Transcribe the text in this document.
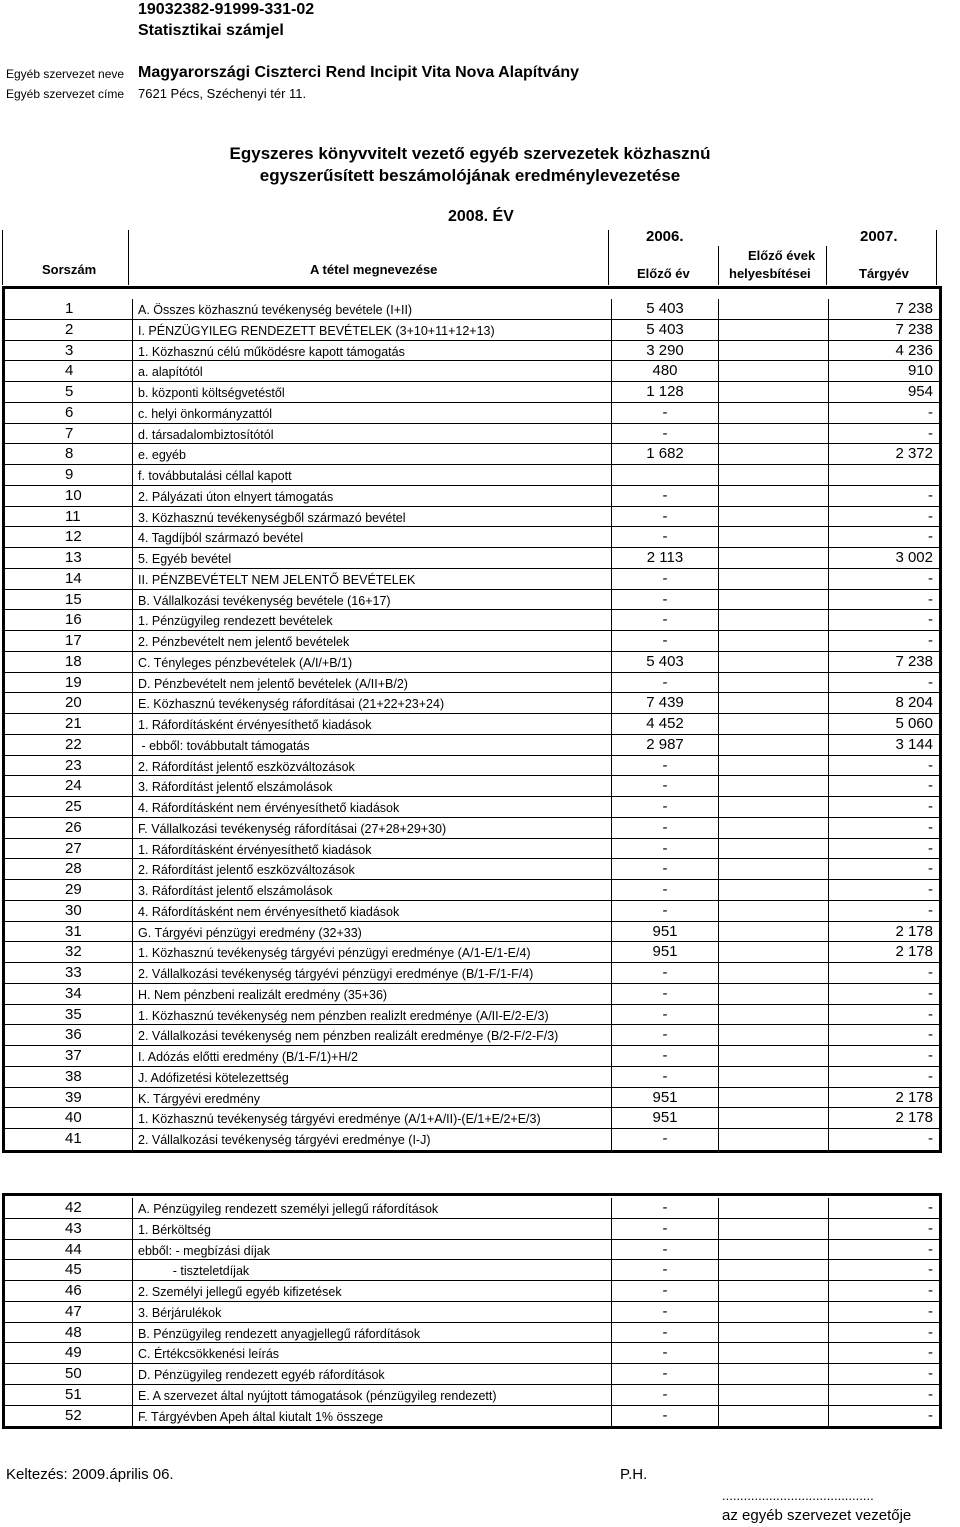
19032382-91999-331-02
Statisztikai számjel
Egyéb szervezet neve
Egyéb szervezet címe
Magyarországi Ciszterci Rend Incipit Vita Nova Alapítvány
7621 Pécs, Széchenyi tér 11.
Egyszeres könyvvitelt vezető egyéb szervezetek közhasznú
egyszerűsített beszámolójának eredménylevezetése
2008. ÉV
Sorszám	A tétel megnevezése
2006.	2007.
Előző év
Előző évek
helyesbítései	Tárgyév
1	A. Összes közhasznú tevékenység bevétele (I+II)	5 403	7 238
2	I. PÉNZÜGYILEG RENDEZETT BEVÉTELEK (3+10+11+12+13)	5 403	7 238
3	1. Közhasznú célú működésre kapott támogatás	3 290	4 236
4	a. alapítótól	480	910
5	b. központi költségvetéstől	1 128	954
6	c. helyi önkormányzattól	-	-
7	d. társadalombiztosítótól	-	-
8	e. egyéb	1 682	2 372
9	f. továbbutalási céllal kapott
10	2. Pályázati úton elnyert támogatás	-	-
11	3. Közhasznú tevékenységből származó bevétel	-	-
12	4. Tagdíjból származó bevétel	-	-
13	5. Egyéb bevétel	2 113	3 002
14	II. PÉNZBEVÉTELT NEM JELENTŐ BEVÉTELEK	-	-
15	B. Vállalkozási tevékenység bevétele (16+17)	-	-
16	1. Pénzügyileg rendezett bevételek	-	-
17	2. Pénzbevételt nem jelentő bevételek	-	-
18	C. Tényleges pénzbevételek (A/I/+B/1)	5 403	7 238
19	D. Pénzbevételt nem jelentő bevételek (A/II+B/2)	-	-
20	E. Közhasznú tevékenység ráfordításai (21+22+23+24)	7 439	8 204
21	1. Ráfordításként érvényesíthető kiadások	4 452	5 060
22	- ebből: továbbutalt támogatás	2 987	3 144
23	2. Ráfordítást jelentő eszközváltozások	-	-
24	3. Ráfordítást jelentő elszámolások	-	-
25	4. Ráfordításként nem érvényesíthető kiadások	-	-
26	F. Vállalkozási tevékenység ráfordításai (27+28+29+30)	-	-
27	1. Ráfordításként érvényesíthető kiadások	-	-
28	2. Ráfordítást jelentő eszközváltozások	-	-
29	3. Ráfordítást jelentő elszámolások	-	-
30	4. Ráfordításként nem érvényesíthető kiadások	-	-
31	G. Tárgyévi pénzügyi eredmény (32+33)	951	2 178
32	1. Közhasznú tevékenység tárgyévi pénzügyi eredménye (A/1-E/1-E/4)	951	2 178
33	2. Vállalkozási tevékenység tárgyévi pénzügyi eredménye (B/1-F/1-F/4)	-	-
34	H. Nem pénzbeni realizált eredmény (35+36)	-	-
35	1. Közhasznú tevékenység nem pénzben realizlt eredménye (A/II-E/2-E/3)	-	-
36	2. Vállalkozási tevékenység nem pénzben realizált eredménye (B/2-F/2-F/3)	-	-
37	I. Adózás előtti eredmény (B/1-F/1)+H/2	-	-
38	J. Adófizetési kötelezettség	-	-
39	K. Tárgyévi eredmény	951	2 178
40	1. Közhasznú tevékenység tárgyévi eredménye (A/1+A/II)-(E/1+E/2+E/3)	951	2 178
41	2. Vállalkozási tevékenység tárgyévi eredménye (I-J)	-	-
42	A. Pénzügyileg rendezett személyi jellegű ráfordítások	-	-
43	1. Bérköltség	-	-
44	ebből: - megbízási díjak	-	-
45	- tiszteletdíjak	-	-
46	2. Személyi jellegű egyéb kifizetések	-	-
47	3. Bérjárulékok	-	-
48	B. Pénzügyileg rendezett anyagjellegű ráfordítások	-	-
49	C. Értékcsökkenési leírás	-	-
50	D. Pénzügyileg rendezett egyéb ráfordítások	-	-
51	E. A szervezet által nyújtott támogatások (pénzügyileg rendezett)	-	-
52	F. Tárgyévben Apeh által kiutalt 1% összege	-	-
Keltezés: 2009.április 06.	P.H.
..........................................
az egyéb szervezet vezetője
